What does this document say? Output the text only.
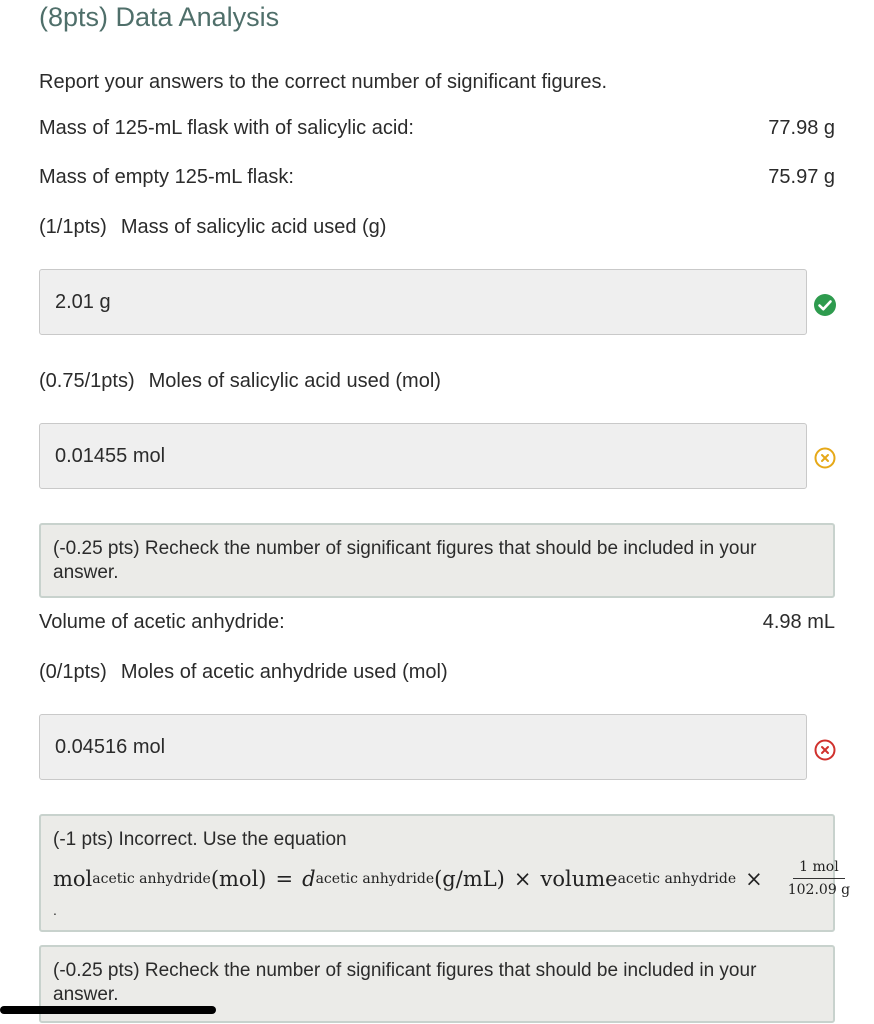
(8pts) Data Analysis
Report your answers to the correct number of significant figures.
Mass of 125-mL flask with of salicylic acid:	77.98 g
Mass of empty 125-mL flask:	75.97 g
(1/1pts) Mass of salicylic acid used (g)
2.01 g
(0.75/1pts) Moles of salicylic acid used (mol)
0.01455 mol
(-0.25 pts) Recheck the number of significant figures that should be included in your answer.
Volume of acetic anhydride:	4.98 mL
(0/1pts) Moles of acetic anhydride used (mol)
0.04516 mol
(-1 pts) Incorrect. Use the equation
mol acetic anhydride (mol) = d acetic anhydride (g/mL) × volume acetic anhydride × $\frac{\text{1 mol}}{102.09 g}$
.
(-0.25 pts) Recheck the number of significant figures that should be included in your answer.
